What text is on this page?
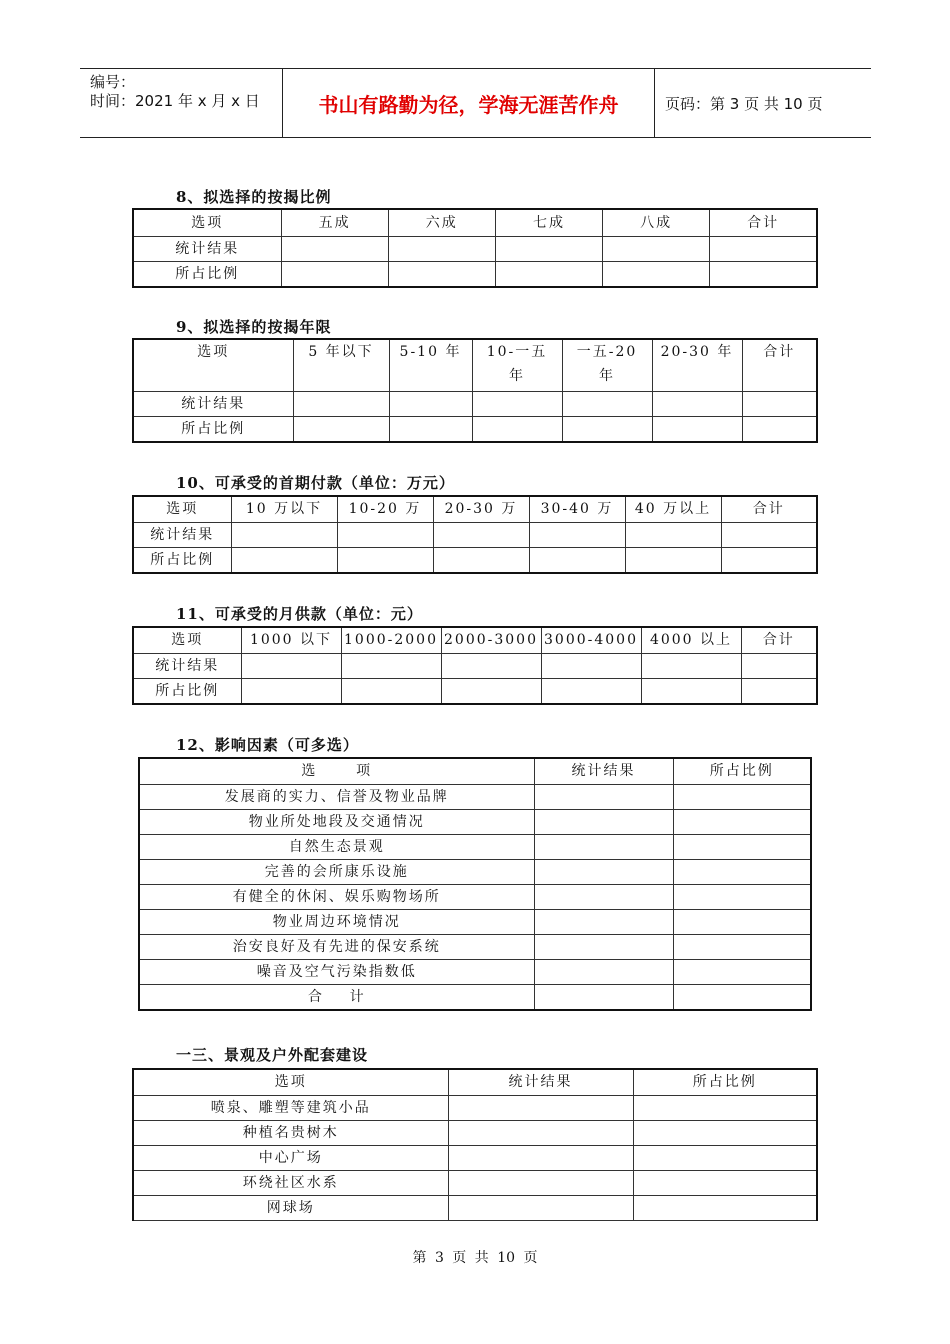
编号：
时间：2021 年 x 月 x 日	书山有路勤为径，学海无涯苦作舟	页码：第 3 页 共 10 页
8、拟选择的按揭比例
选项	五成	六成	七成	八成	合计
统计结果					
所占比例					
9、拟选择的按揭年限
选项	5 年以下	5-10 年	10-一五年	一五-20年	20-30 年	合计
统计结果						
所占比例						
10、可承受的首期付款（单位：万元）
选项	10 万以下	10-20 万	20-30 万	30-40 万	40 万以上	合计
统计结果						
所占比例						
11、可承受的月供款（单位：元）
选项	1000 以下	1000-2000	2000-3000	3000-4000	4000 以上	合计
统计结果						
所占比例						
12、影响因素（可多选）
选      项	统计结果	所占比例
发展商的实力、信誉及物业品牌		
物业所处地段及交通情况		
自然生态景观		
完善的会所康乐设施		
有健全的休闲、娱乐购物场所		
物业周边环境情况		
治安良好及有先进的保安系统		
噪音及空气污染指数低		
合    计		
一三、景观及户外配套建设
选项	统计结果	所占比例
喷泉、雕塑等建筑小品		
种植名贵树木		
中心广场		
环绕社区水系		
网球场		
第 3 页 共 10 页
